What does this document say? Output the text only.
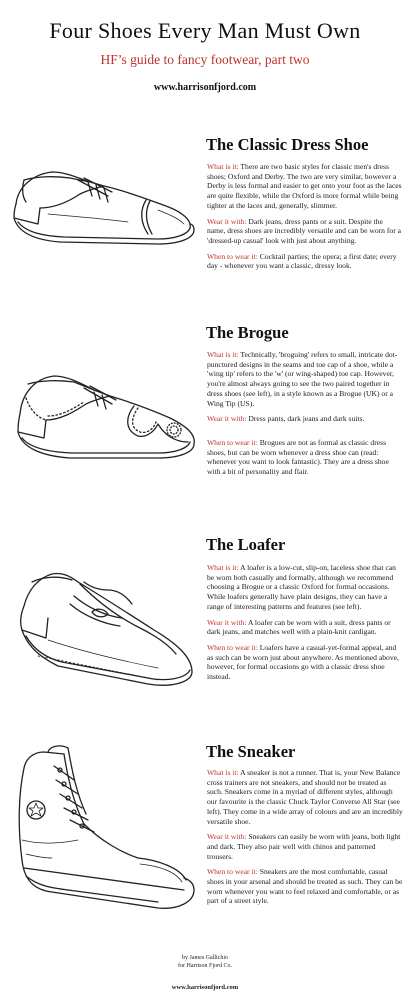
Four Shoes Every Man Must Own
HF’s guide to fancy footwear, part two
www.harrisonfjord.com
The Classic Dress Shoe
What is it: There are two basic styles for classic men's dress shoes; Oxford and Derby. The two are very similar, however a Derby is less formal and easier to get onto your foot as the laces are quite flexible, while the Oxford is more formal while being tighter at the laces and, generally, slimmer.
Wear it with: Dark jeans, dress pants or a suit. Despite the name, dress shoes are incredibly versatile and can be worn for a 'dressed-up casual' look with just about anything.
When to wear it: Cocktail parties; the opera; a first date; every day - whenever you want a classic, dressy look.
The Brogue
What is it: Technically, 'broguing' refers to small, intricate dot-punctured designs in the seams and toe cap of a shoe, while a 'wing tip' refers to the 'w' (or wing-shaped) toe cap. However, you're almost always going to see the two paired together in dress shoes (see left), in a style known as a Brogue (UK) or a Wing Tip (US).
Wear it with: Dress pants, dark jeans and dark suits.
When to wear it: Brogues are not as formal as classic dress shoes, but can be worn whenever a dress shoe can (read: whenever you want to look fantastic). They are a dress shoe with a bit of personality and flair.
The Loafer
What is it: A loafer is a low-cut, slip-on, laceless shoe that can be worn both casually and formally, although we recommend choosing a Brogue or a classic Oxford for formal occasions. While loafers generally have plain designs, they can have a range of interesting patterns and features (see left).
Wear it with: A loafer can be worn with a suit, dress pants or dark jeans, and matches well with a plain-knit cardigan.
When to wear it: Loafers have a casual-yet-formal appeal, and as such can be worn just about anywhere. As mentioned above, however, for formal occasions go with a classic dress shoe instead.
The Sneaker
What is it: A sneaker is not a runner. That is, your New Balance cross trainers are not sneakers, and should not be treated as such. Sneakers come in a myriad of different styles, although our favourite is the classic Chuck Taylor Converse All Star (see left). They come in a wide array of colours and are an incredibly versatile shoe.
Wear it with: Sneakers can easily be worn with jeans, both light and dark. They also pair well with chinos and patterned trousers.
When to wear it: Sneakers are the most comfortable, casual shoes in your arsenal and should be treated as such. They can be worn whenever you want to feel relaxed and comfortable, or as part of a street style.
by James Gallichio
for Harrison Fjord Co.
www.harrisonfjord.com
